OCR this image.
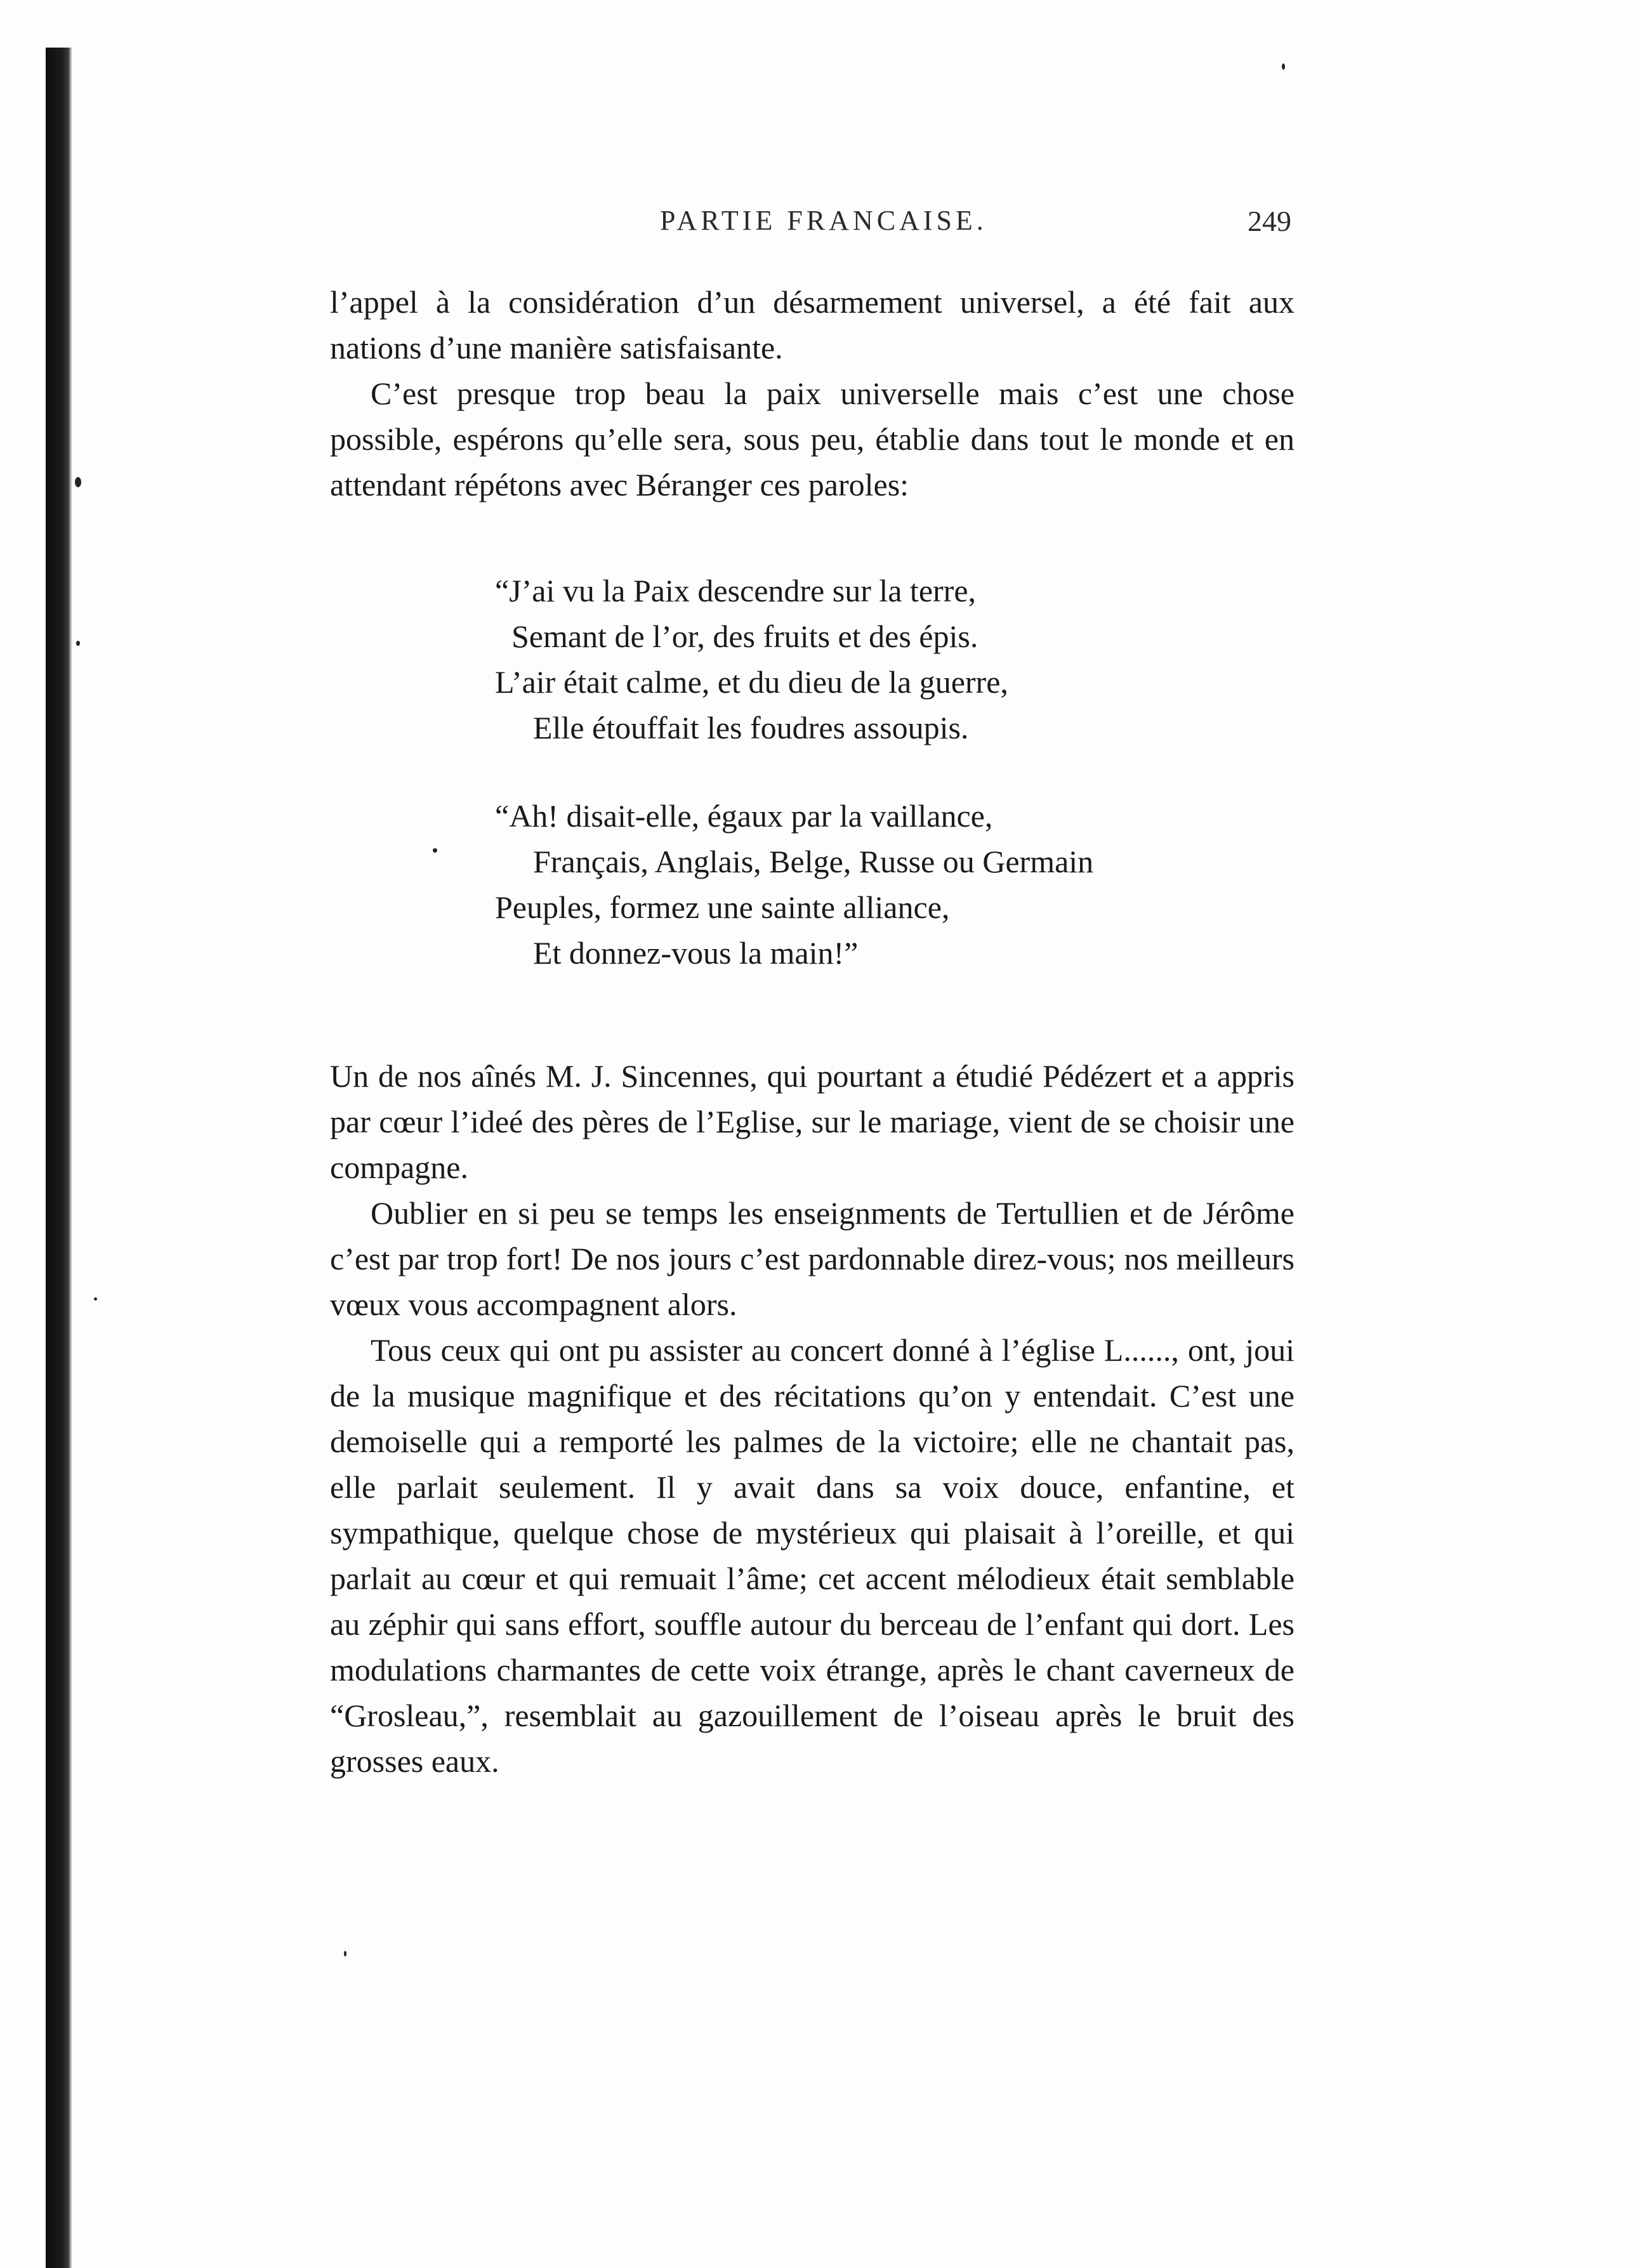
PARTIE FRANCAISE.	249

l’appel à la considération d’un désarmement universel, a été fait aux nations d’une manière satisfaisante.

C’est presque trop beau la paix universelle mais c’est une chose possible, espérons qu’elle sera, sous peu, établie dans tout le monde et en attendant répétons avec Béranger ces paroles:

“J’ai vu la Paix descendre sur la terre,
Semant de l’or, des fruits et des épis.
L’air était calme, et du dieu de la guerre,
Elle étouffait les foudres assoupis.
“Ah! disait-elle, égaux par la vaillance,
Français, Anglais, Belge, Russe ou Germain
Peuples, formez une sainte alliance,
Et donnez-vous la main!”

Un de nos aînés M. J. Sincennes, qui pourtant a étudié Pédézert et a appris par cœur l’ideé des pères de l’Eglise, sur le mariage, vient de se choisir une compagne.

Oublier en si peu se temps les enseignments de Tertullien et de Jérôme c’est par trop fort! De nos jours c’est pardonnable direz-vous; nos meilleurs vœux vous accompagnent alors.

Tous ceux qui ont pu assister au concert donné à l’église L......, ont, joui de la musique magnifique et des récitations qu’on y entendait. C’est une demoiselle qui a remporté les palmes de la victoire; elle ne chantait pas, elle parlait seulement. Il y avait dans sa voix douce, enfantine, et sympathique, quelque chose de mystérieux qui plaisait à l’oreille, et qui parlait au cœur et qui remuait l’âme; cet accent mélodieux était semblable au zéphir qui sans effort, souffle autour du berceau de l’enfant qui dort. Les modulations charmantes de cette voix étrange, après le chant caverneux de “Grosleau,”, resemblait au gazouillement de l’oiseau après le bruit des grosses eaux.
